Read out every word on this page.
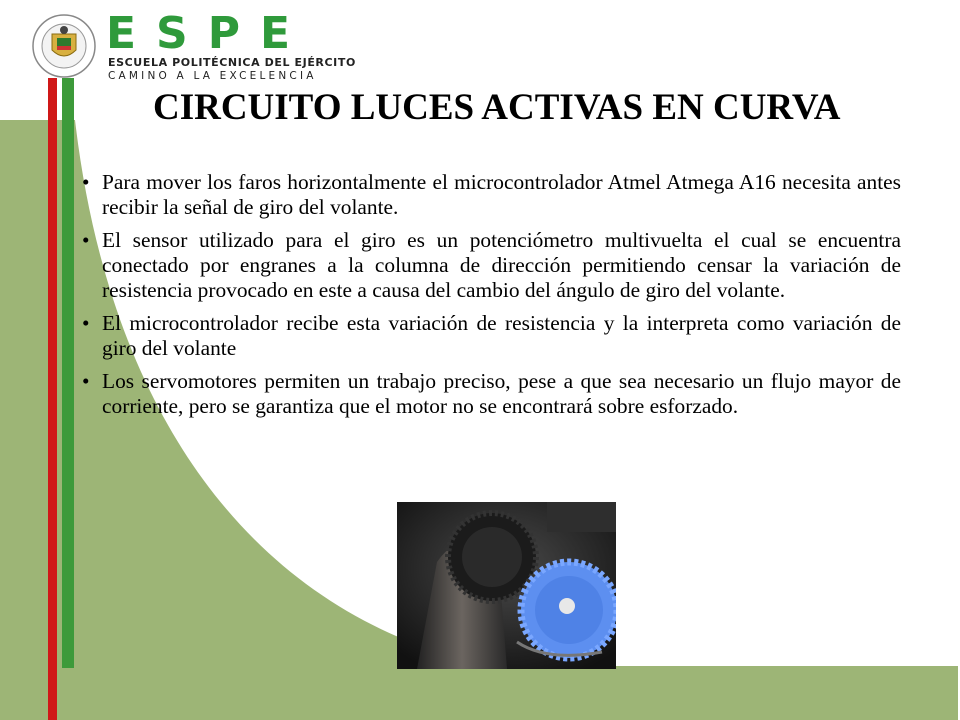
ESPE
ESCUELA POLITÉCNICA DEL EJÉRCITO
CAMINO A LA EXCELENCIA
CIRCUITO LUCES ACTIVAS EN CURVA
• Para mover los faros horizontalmente el microcontrolador Atmel Atmega A16 necesita antes recibir la señal de giro del volante.
• El sensor utilizado para el giro es un potenciómetro multivuelta el cual se encuentra conectado por engranes a la columna de dirección permitiendo censar la variación de resistencia provocado en este a causa del cambio del ángulo de giro del volante.
• El microcontrolador recibe esta variación de resistencia y la interpreta como variación de giro del volante
• Los servomotores permiten un trabajo preciso, pese a que sea necesario un flujo mayor de corriente, pero se garantiza que el motor no se encontrará sobre esforzado.
